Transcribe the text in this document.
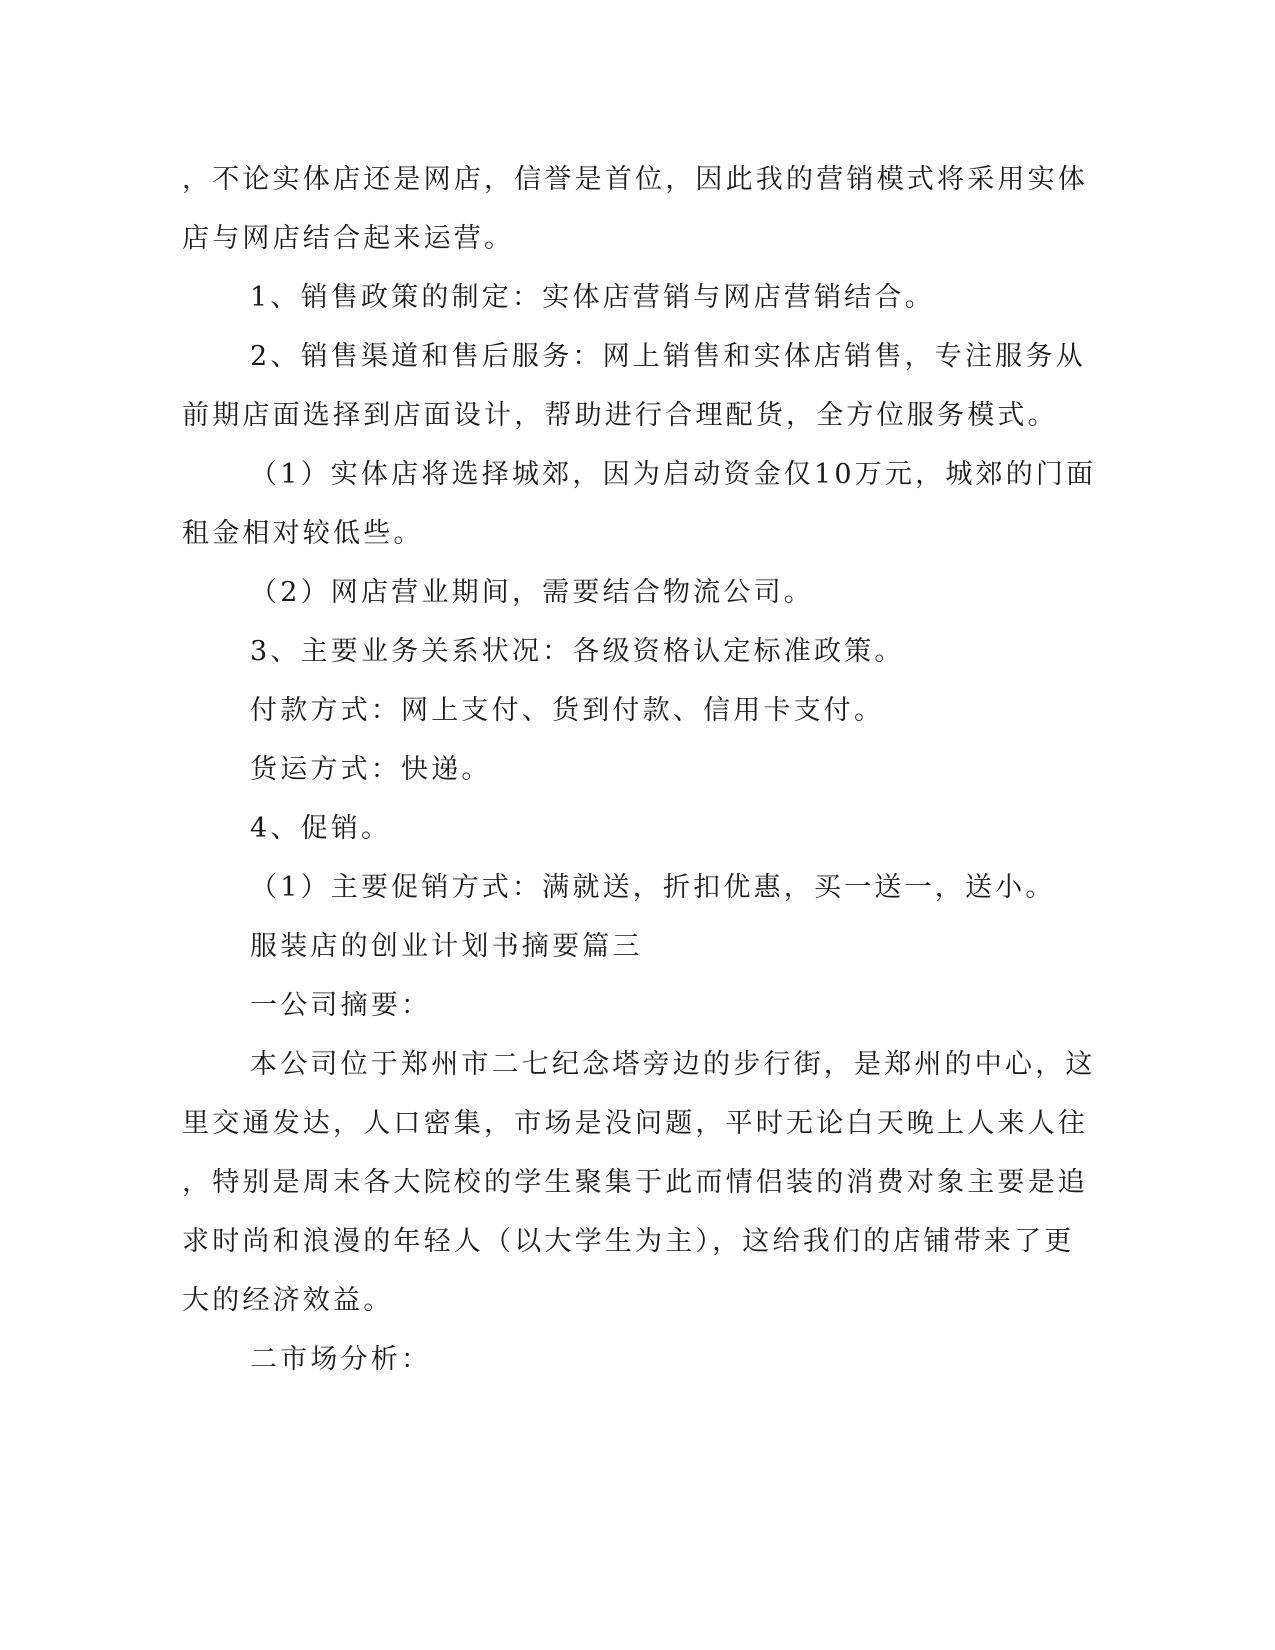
，不论实体店还是网店，信誉是首位，因此我的营销模式将采用实体
店与网店结合起来运营。
1、销售政策的制定：实体店营销与网店营销结合。
2、销售渠道和售后服务：网上销售和实体店销售，专注服务从
前期店面选择到店面设计，帮助进行合理配货，全方位服务模式。
（1）实体店将选择城郊，因为启动资金仅10万元，城郊的门面
租金相对较低些。
（2）网店营业期间，需要结合物流公司。
3、主要业务关系状况：各级资格认定标准政策。
付款方式：网上支付、货到付款、信用卡支付。
货运方式：快递。
4、促销。
（1）主要促销方式：满就送，折扣优惠，买一送一，送小。
服装店的创业计划书摘要篇三
一公司摘要：
本公司位于郑州市二七纪念塔旁边的步行街，是郑州的中心，这
里交通发达，人口密集，市场是没问题，平时无论白天晚上人来人往
，特别是周末各大院校的学生聚集于此而情侣装的消费对象主要是追
求时尚和浪漫的年轻人（以大学生为主），这给我们的店铺带来了更
大的经济效益。
二市场分析：
